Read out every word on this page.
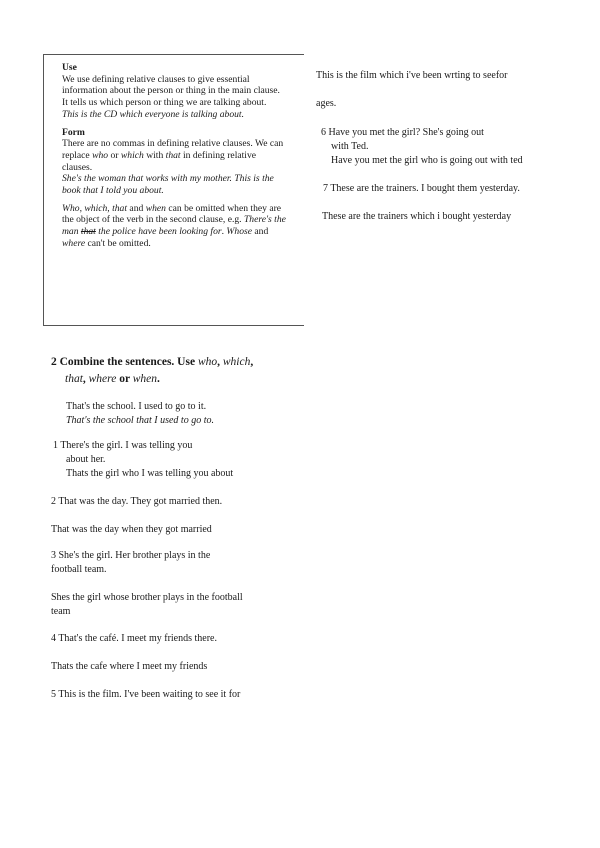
Use
We use defining relative clauses to give essential information about the person or thing in the main clause. It tells us which person or thing we are talking about.
This is the CD which everyone is talking about.
Form
There are no commas in defining relative clauses. We can replace who or which with that in defining relative clauses.
She's the woman that works with my mother. This is the book that I told you about.
Who, which, that and when can be omitted when they are the object of the verb in the second clause, e.g. There's the man that the police have been looking for. Whose and where can't be omitted.
This is the film which i've been wrting to seefor
ages.
6 Have you met the girl? She's going out
with Ted.
Have you met the girl who is going out with ted
7 These are the trainers. I bought them yesterday.
These are the trainers which i bought yesterday
2 Combine the sentences. Use who, which,
that, where or when.
That's the school. I used to go to it.
That's the school that I used to go to.
1 There's the girl. I was telling you
about her.
Thats the girl who I was telling you about
2 That was the day. They got married then.
That was the day when they got married
3 She's the girl. Her brother plays in the
football team.
Shes the girl whose brother plays in the football
team
4 That's the café. I meet my friends there.
Thats the cafe where I meet my friends
5 This is the film. I've been waiting to see it for
